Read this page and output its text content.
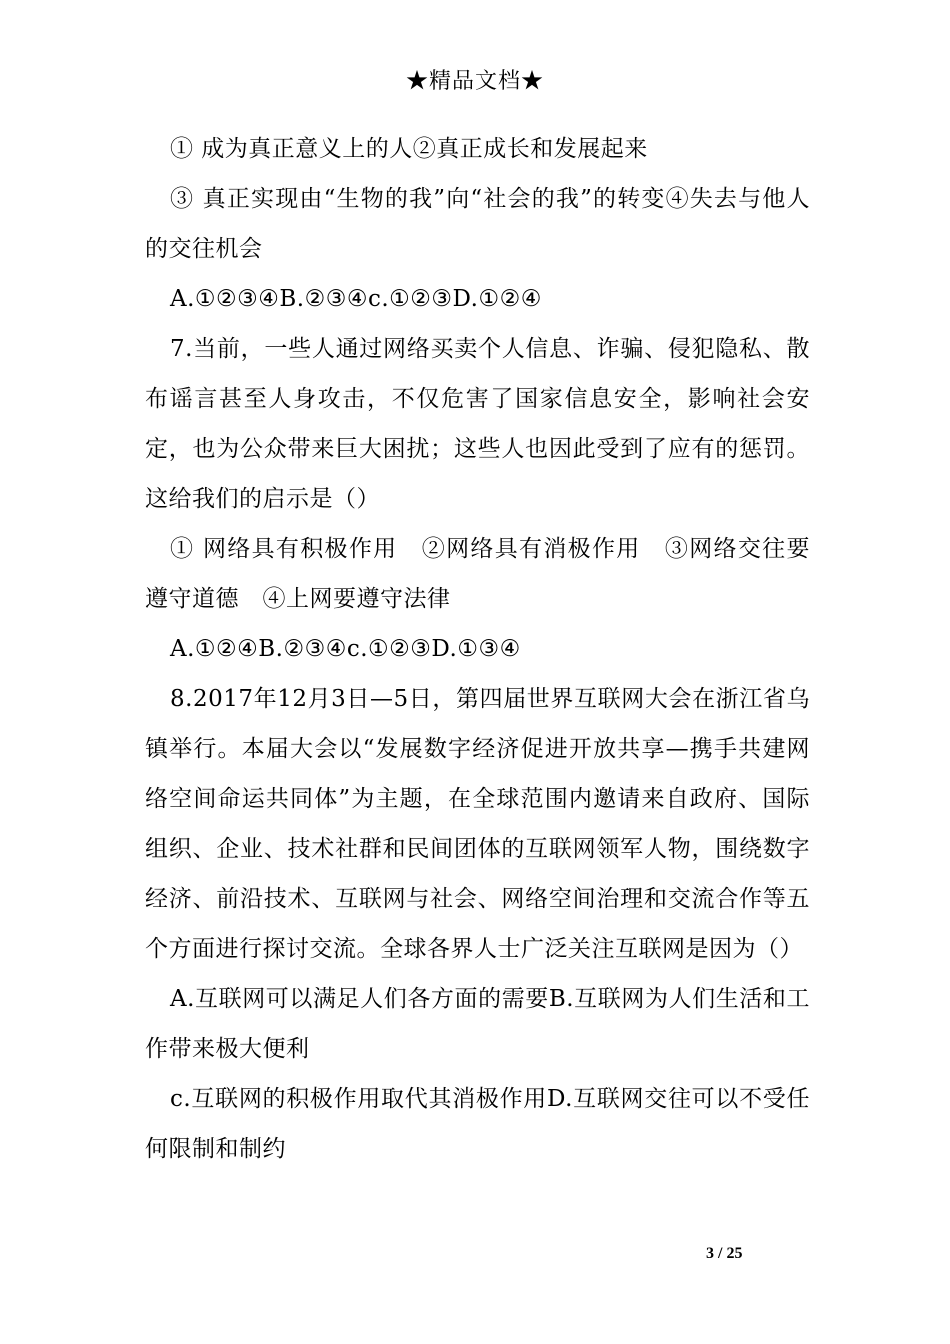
★精品文档★

① 成为真正意义上的人②真正成长和发展起来

③ 真正实现由“生物的我”向“社会的我”的转变④失去与他人的交往机会

A.①②③④B.②③④c.①②③D.①②④

7.当前，一些人通过网络买卖个人信息、诈骗、侵犯隐私、散布谣言甚至人身攻击，不仅危害了国家信息安全，影响社会安定，也为公众带来巨大困扰；这些人也因此受到了应有的惩罚。这给我们的启示是（）

① 网络具有积极作用　②网络具有消极作用　③网络交往要遵守道德　④上网要遵守法律

A.①②④B.②③④c.①②③D.①③④

8.2017年12月3日—5日，第四届世界互联网大会在浙江省乌镇举行。本届大会以“发展数字经济促进开放共享—携手共建网络空间命运共同体”为主题，在全球范围内邀请来自政府、国际组织、企业、技术社群和民间团体的互联网领军人物，围绕数字经济、前沿技术、互联网与社会、网络空间治理和交流合作等五个方面进行探讨交流。全球各界人士广泛关注互联网是因为（）

A.互联网可以满足人们各方面的需要B.互联网为人们生活和工作带来极大便利

c.互联网的积极作用取代其消极作用D.互联网交往可以不受任何限制和制约

3 / 25
